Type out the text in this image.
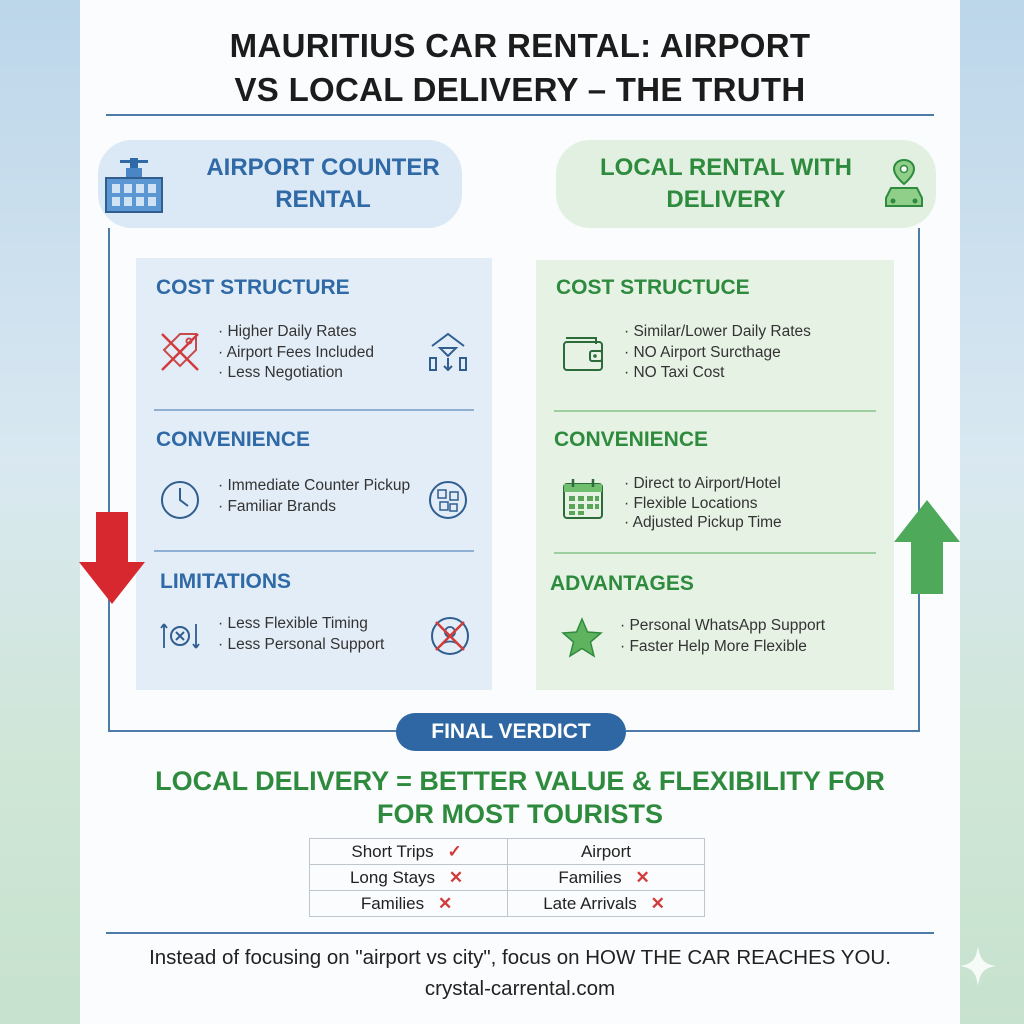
MAURITIUS CAR RENTAL: AIRPORT
VS LOCAL DELIVERY – THE TRUTH
AIRPORT COUNTER
RENTAL
LOCAL RENTAL WITH
DELIVERY
COST STRUCTURE
· Higher Daily Rates
· Airport Fees Included
· Less Negotiation
CONVENIENCE
· Immediate Counter Pickup
· Familiar Brands
LIMITATIONS
· Less Flexible Timing
· Less Personal Support
COST STRUCTUCE
· Similar/Lower Daily Rates
· NO Airport Surcthage
· NO Taxi Cost
CONVENIENCE
· Direct to Airport/Hotel
· Flexible Locations
· Adjusted Pickup Time
ADVANTAGES
· Personal WhatsApp Support
· Faster Help More Flexible
FINAL VERDICT
LOCAL DELIVERY = BETTER VALUE & FLEXIBILITY FOR
FOR MOST TOURISTS
Short Trips ✓	Airport
Long Stays ✕	Families ✕
Families ✕	Late Arrivals ✕
Instead of focusing on "airport vs city", focus on HOW THE CAR REACHES YOU.
crystal-carrental.com
